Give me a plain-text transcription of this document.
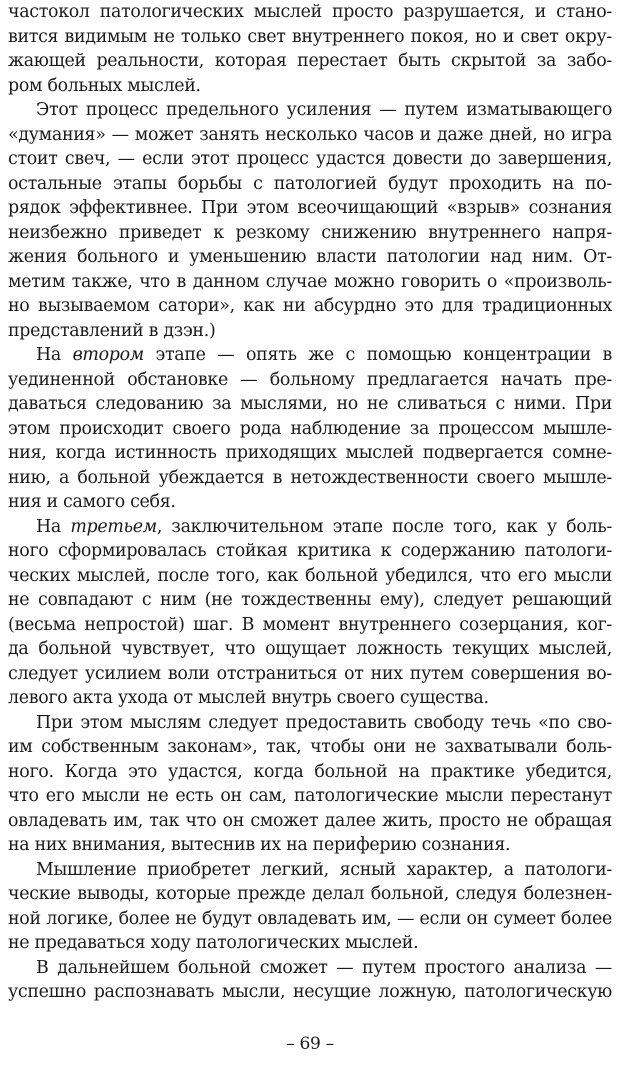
частокол патологических мыслей просто разрушается, и стано-
вится видимым не только свет внутреннего покоя, но и свет окру-
жающей реальности, которая перестает быть скрытой за забо-
ром больных мыслей.
Этот процесс предельного усиления — путем изматывающего
«думания» — может занять несколько часов и даже дней, но игра
стоит свеч, — если этот процесс удастся довести до завершения,
остальные этапы борьбы с патологией будут проходить на по-
рядок эффективнее. При этом всеочищающий «взрыв» сознания
неизбежно приведет к резкому снижению внутреннего напря-
жения больного и уменьшению власти патологии над ним. От-
метим также, что в данном случае можно говорить о «произволь-
но вызываемом сатори», как ни абсурдно это для традиционных
представлений в дзэн.)
На втором этапе — опять же с помощью концентрации в
уединенной обстановке — больному предлагается начать пре-
даваться следованию за мыслями, но не сливаться с ними. При
этом происходит своего рода наблюдение за процессом мышле-
ния, когда истинность приходящих мыслей подвергается сомне-
нию, а больной убеждается в нетождественности своего мышле-
ния и самого себя.
На третьем, заключительном этапе после того, как у боль-
ного сформировалась стойкая критика к содержанию патологи-
ческих мыслей, после того, как больной убедился, что его мысли
не совпадают с ним (не тождественны ему), следует решающий
(весьма непростой) шаг. В момент внутреннего созерцания, ког-
да больной чувствует, что ощущает ложность текущих мыслей,
следует усилием воли отстраниться от них путем совершения во-
левого акта ухода от мыслей внутрь своего существа.
При этом мыслям следует предоставить свободу течь «по сво-
им собственным законам», так, чтобы они не захватывали боль-
ного. Когда это удастся, когда больной на практике убедится,
что его мысли не есть он сам, патологические мысли перестанут
овладевать им, так что он сможет далее жить, просто не обращая
на них внимания, вытеснив их на периферию сознания.
Мышление приобретет легкий, ясный характер, а патологи-
ческие выводы, которые прежде делал больной, следуя болезнен-
ной логике, более не будут овладевать им, — если он сумеет более
не предаваться ходу патологических мыслей.
В дальнейшем больной сможет — путем простого анализа —
успешно распознавать мысли, несущие ложную, патологическую
– 69 –
